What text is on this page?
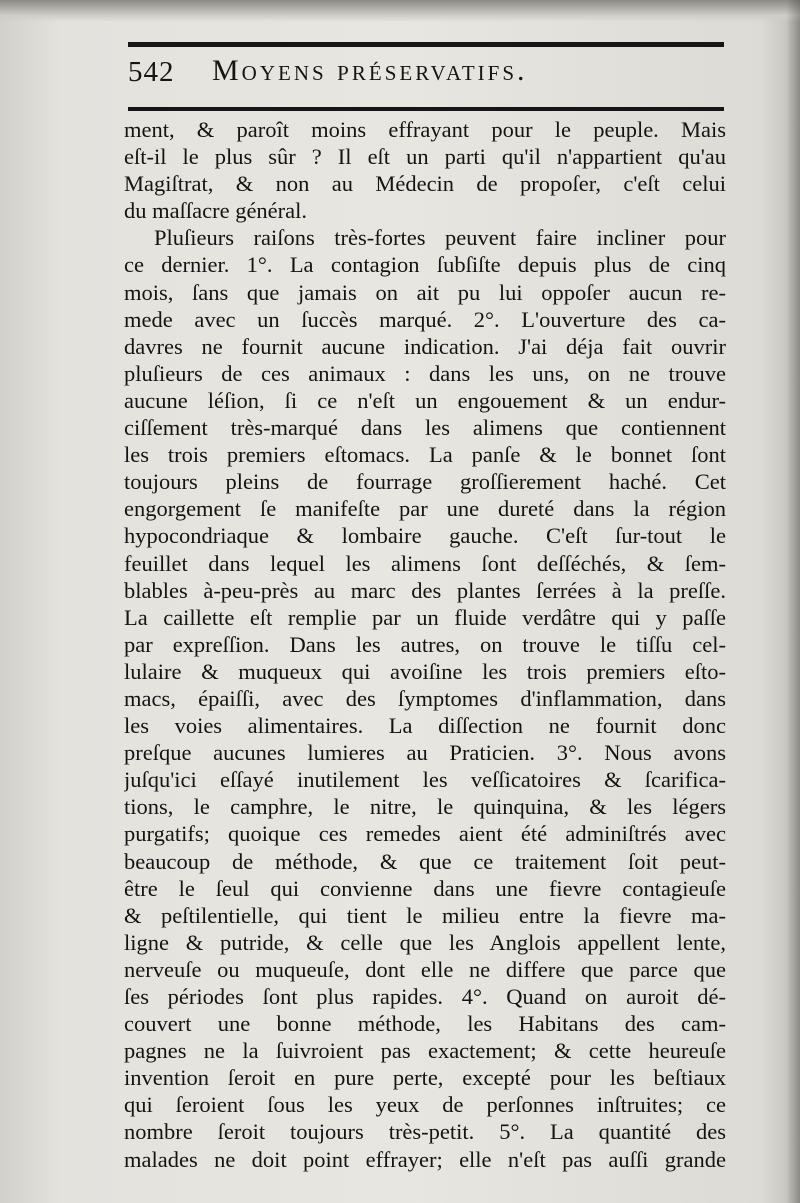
542 Moyens préservatifs.
ment, & paroît moins effrayant pour le peuple. Mais
eſt-il le plus sûr ? Il eſt un parti qu'il n'appartient qu'au
Magiſtrat, & non au Médecin de propoſer, c'eſt celui
du maſſacre général.
Pluſieurs raiſons très-fortes peuvent faire incliner pour
ce dernier. 1°. La contagion ſubſiſte depuis plus de cinq
mois, ſans que jamais on ait pu lui oppoſer aucun re-
mede avec un ſuccès marqué. 2°. L'ouverture des ca-
davres ne fournit aucune indication. J'ai déja fait ouvrir
pluſieurs de ces animaux : dans les uns, on ne trouve
aucune léſion, ſi ce n'eſt un engouement & un endur-
ciſſement très-marqué dans les alimens que contiennent
les trois premiers eſtomacs. La panſe & le bonnet ſont
toujours pleins de fourrage groſſierement haché. Cet
engorgement ſe manifeſte par une dureté dans la région
hypocondriaque & lombaire gauche. C'eſt ſur-tout le
feuillet dans lequel les alimens ſont deſſéchés, & ſem-
blables à-peu-près au marc des plantes ſerrées à la preſſe.
La caillette eſt remplie par un fluide verdâtre qui y paſſe
par expreſſion. Dans les autres, on trouve le tiſſu cel-
lulaire & muqueux qui avoiſine les trois premiers eſto-
macs, épaiſſi, avec des ſymptomes d'inflammation, dans
les voies alimentaires. La diſſection ne fournit donc
preſque aucunes lumieres au Praticien. 3°. Nous avons
juſqu'ici eſſayé inutilement les veſſicatoires & ſcarifica-
tions, le camphre, le nitre, le quinquina, & les légers
purgatifs; quoique ces remedes aient été adminiſtrés avec
beaucoup de méthode, & que ce traitement ſoit peut-
être le ſeul qui convienne dans une fievre contagieuſe
& peſtilentielle, qui tient le milieu entre la fievre ma-
ligne & putride, & celle que les Anglois appellent lente,
nerveuſe ou muqueuſe, dont elle ne differe que parce que
ſes périodes ſont plus rapides. 4°. Quand on auroit dé-
couvert une bonne méthode, les Habitans des cam-
pagnes ne la ſuivroient pas exactement; & cette heureuſe
invention ſeroit en pure perte, excepté pour les beſtiaux
qui ſeroient ſous les yeux de perſonnes inſtruites; ce
nombre ſeroit toujours très-petit. 5°. La quantité des
malades ne doit point effrayer; elle n'eſt pas auſſi grande
